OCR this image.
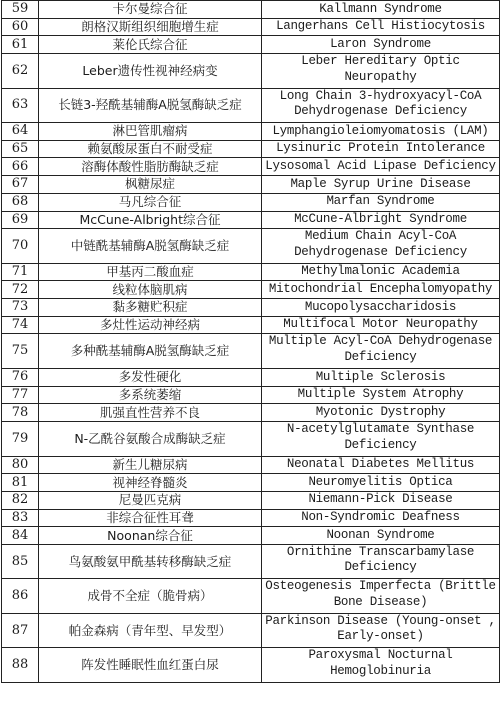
59	卡尔曼综合征	Kallmann Syndrome

60	朗格汉斯组织细胞增生症	Langerhans Cell Histiocytosis

61	莱伦氏综合征	Laron Syndrome

62	Leber遗传性视神经病变	Leber Hereditary Optic
Neuropathy

63	长链3-羟酰基辅酶A脱氢酶缺乏症	Long Chain 3-hydroxyacyl-CoA
Dehydrogenase Deficiency

64	淋巴管肌瘤病	Lymphangioleiomyomatosis (LAM)

65	赖氨酸尿蛋白不耐受症	Lysinuric Protein Intolerance

66	溶酶体酸性脂肪酶缺乏症	Lysosomal Acid Lipase Deficiency

67	枫糖尿症	Maple Syrup Urine Disease

68	马凡综合征	Marfan Syndrome

69	McCune-Albright综合征	McCune-Albright Syndrome

70	中链酰基辅酶A脱氢酶缺乏症	Medium Chain Acyl-CoA
Dehydrogenase Deficiency

71	甲基丙二酸血症	Methylmalonic Academia

72	线粒体脑肌病	Mitochondrial Encephalomyopathy

73	黏多糖贮积症	Mucopolysaccharidosis

74	多灶性运动神经病	Multifocal Motor Neuropathy

75	多种酰基辅酶A脱氢酶缺乏症	Multiple Acyl-CoA Dehydrogenase
Deficiency

76	多发性硬化	Multiple Sclerosis

77	多系统萎缩	Multiple System Atrophy

78	肌强直性营养不良	Myotonic Dystrophy

79	N-乙酰谷氨酸合成酶缺乏症	N-acetylglutamate Synthase
Deficiency

80	新生儿糖尿病	Neonatal Diabetes Mellitus

81	视神经脊髓炎	Neuromyelitis Optica

82	尼曼匹克病	Niemann-Pick Disease

83	非综合征性耳聋	Non-Syndromic Deafness

84	Noonan综合征	Noonan Syndrome

85	鸟氨酸氨甲酰基转移酶缺乏症	Ornithine Transcarbamylase
Deficiency

86	成骨不全症（脆骨病）	Osteogenesis Imperfecta (Brittle
Bone Disease)

87	帕金森病（青年型、早发型）	Parkinson Disease (Young-onset ,
Early-onset)

88	阵发性睡眠性血红蛋白尿	Paroxysmal Nocturnal
Hemoglobinuria
